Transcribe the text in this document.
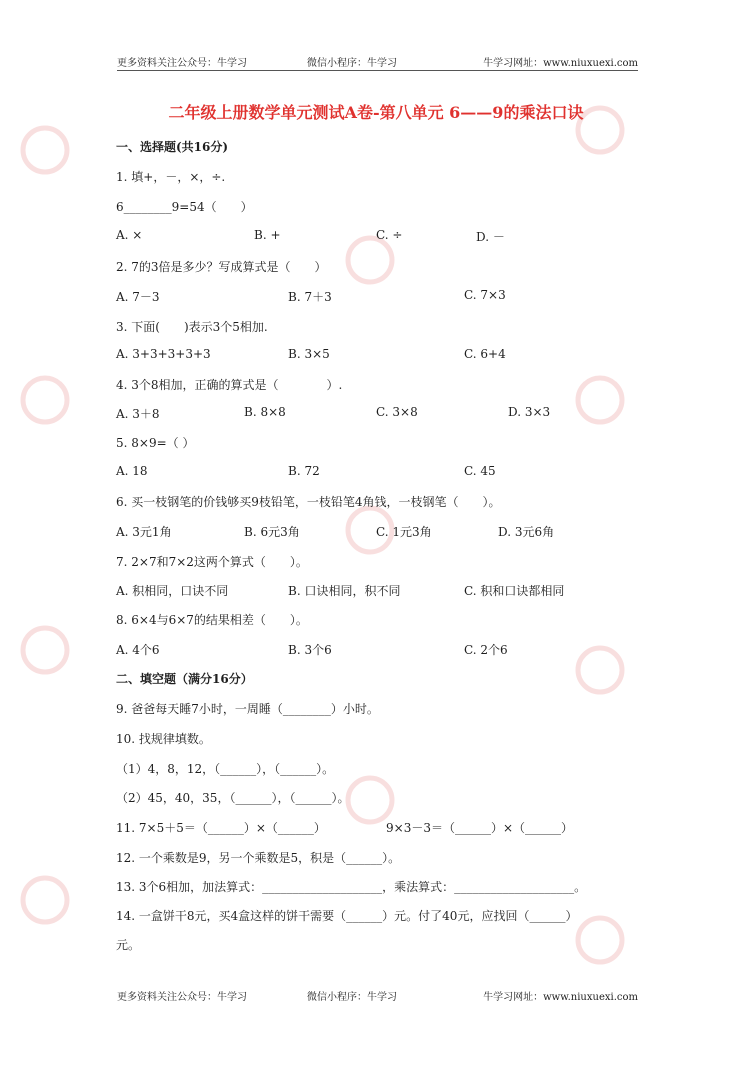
更多资料关注公众号：牛学习	微信小程序：牛学习	牛学习网址：www.niuxuexi.com
二年级上册数学单元测试A卷-第八单元 6——9的乘法口诀
一、选择题(共16分)
1. 填+，－，×，÷.
6________9=54（　　）
A. ×	B. +	C. ÷	D. －
2. 7的3倍是多少？写成算式是（　　）
A. 7－3	B. 7＋3	C. 7×3
3. 下面(　　)表示3个5相加.
A. 3+3+3+3+3	B. 3×5	C. 6+4
4. 3个8相加，正确的算式是（　　　　）.
A. 3＋8	B. 8×8	C. 3×8	D. 3×3
5. 8×9=（ ）
A. 18	B. 72	C. 45
6. 买一枝钢笔的价钱够买9枝铅笔，一枝铅笔4角钱，一枝钢笔（　　）。
A. 3元1角	B. 6元3角	C. 1元3角	D. 3元6角
7. 2×7和7×2这两个算式（　　）。
A. 积相同，口诀不同	B. 口诀相同，积不同	C. 积和口诀都相同
8. 6×4与6×7的结果相差（　　）。
A. 4个6	B. 3个6	C. 2个6
二、填空题（满分16分）
9. 爸爸每天睡7小时，一周睡（________）小时。
10. 找规律填数。
（1）4，8，12，（______），（______）。
（2）45，40，35，（______），（______）。
11. 7×5＋5＝（______）×（______）	9×3－3＝（______）×（______）
12. 一个乘数是9，另一个乘数是5，积是（______）。
13. 3个6相加，加法算式：____________________，乘法算式：____________________。
14. 一盒饼干8元，买4盒这样的饼干需要（______）元。付了40元，应找回（______）
元。
更多资料关注公众号：牛学习	微信小程序：牛学习	牛学习网址：www.niuxuexi.com
